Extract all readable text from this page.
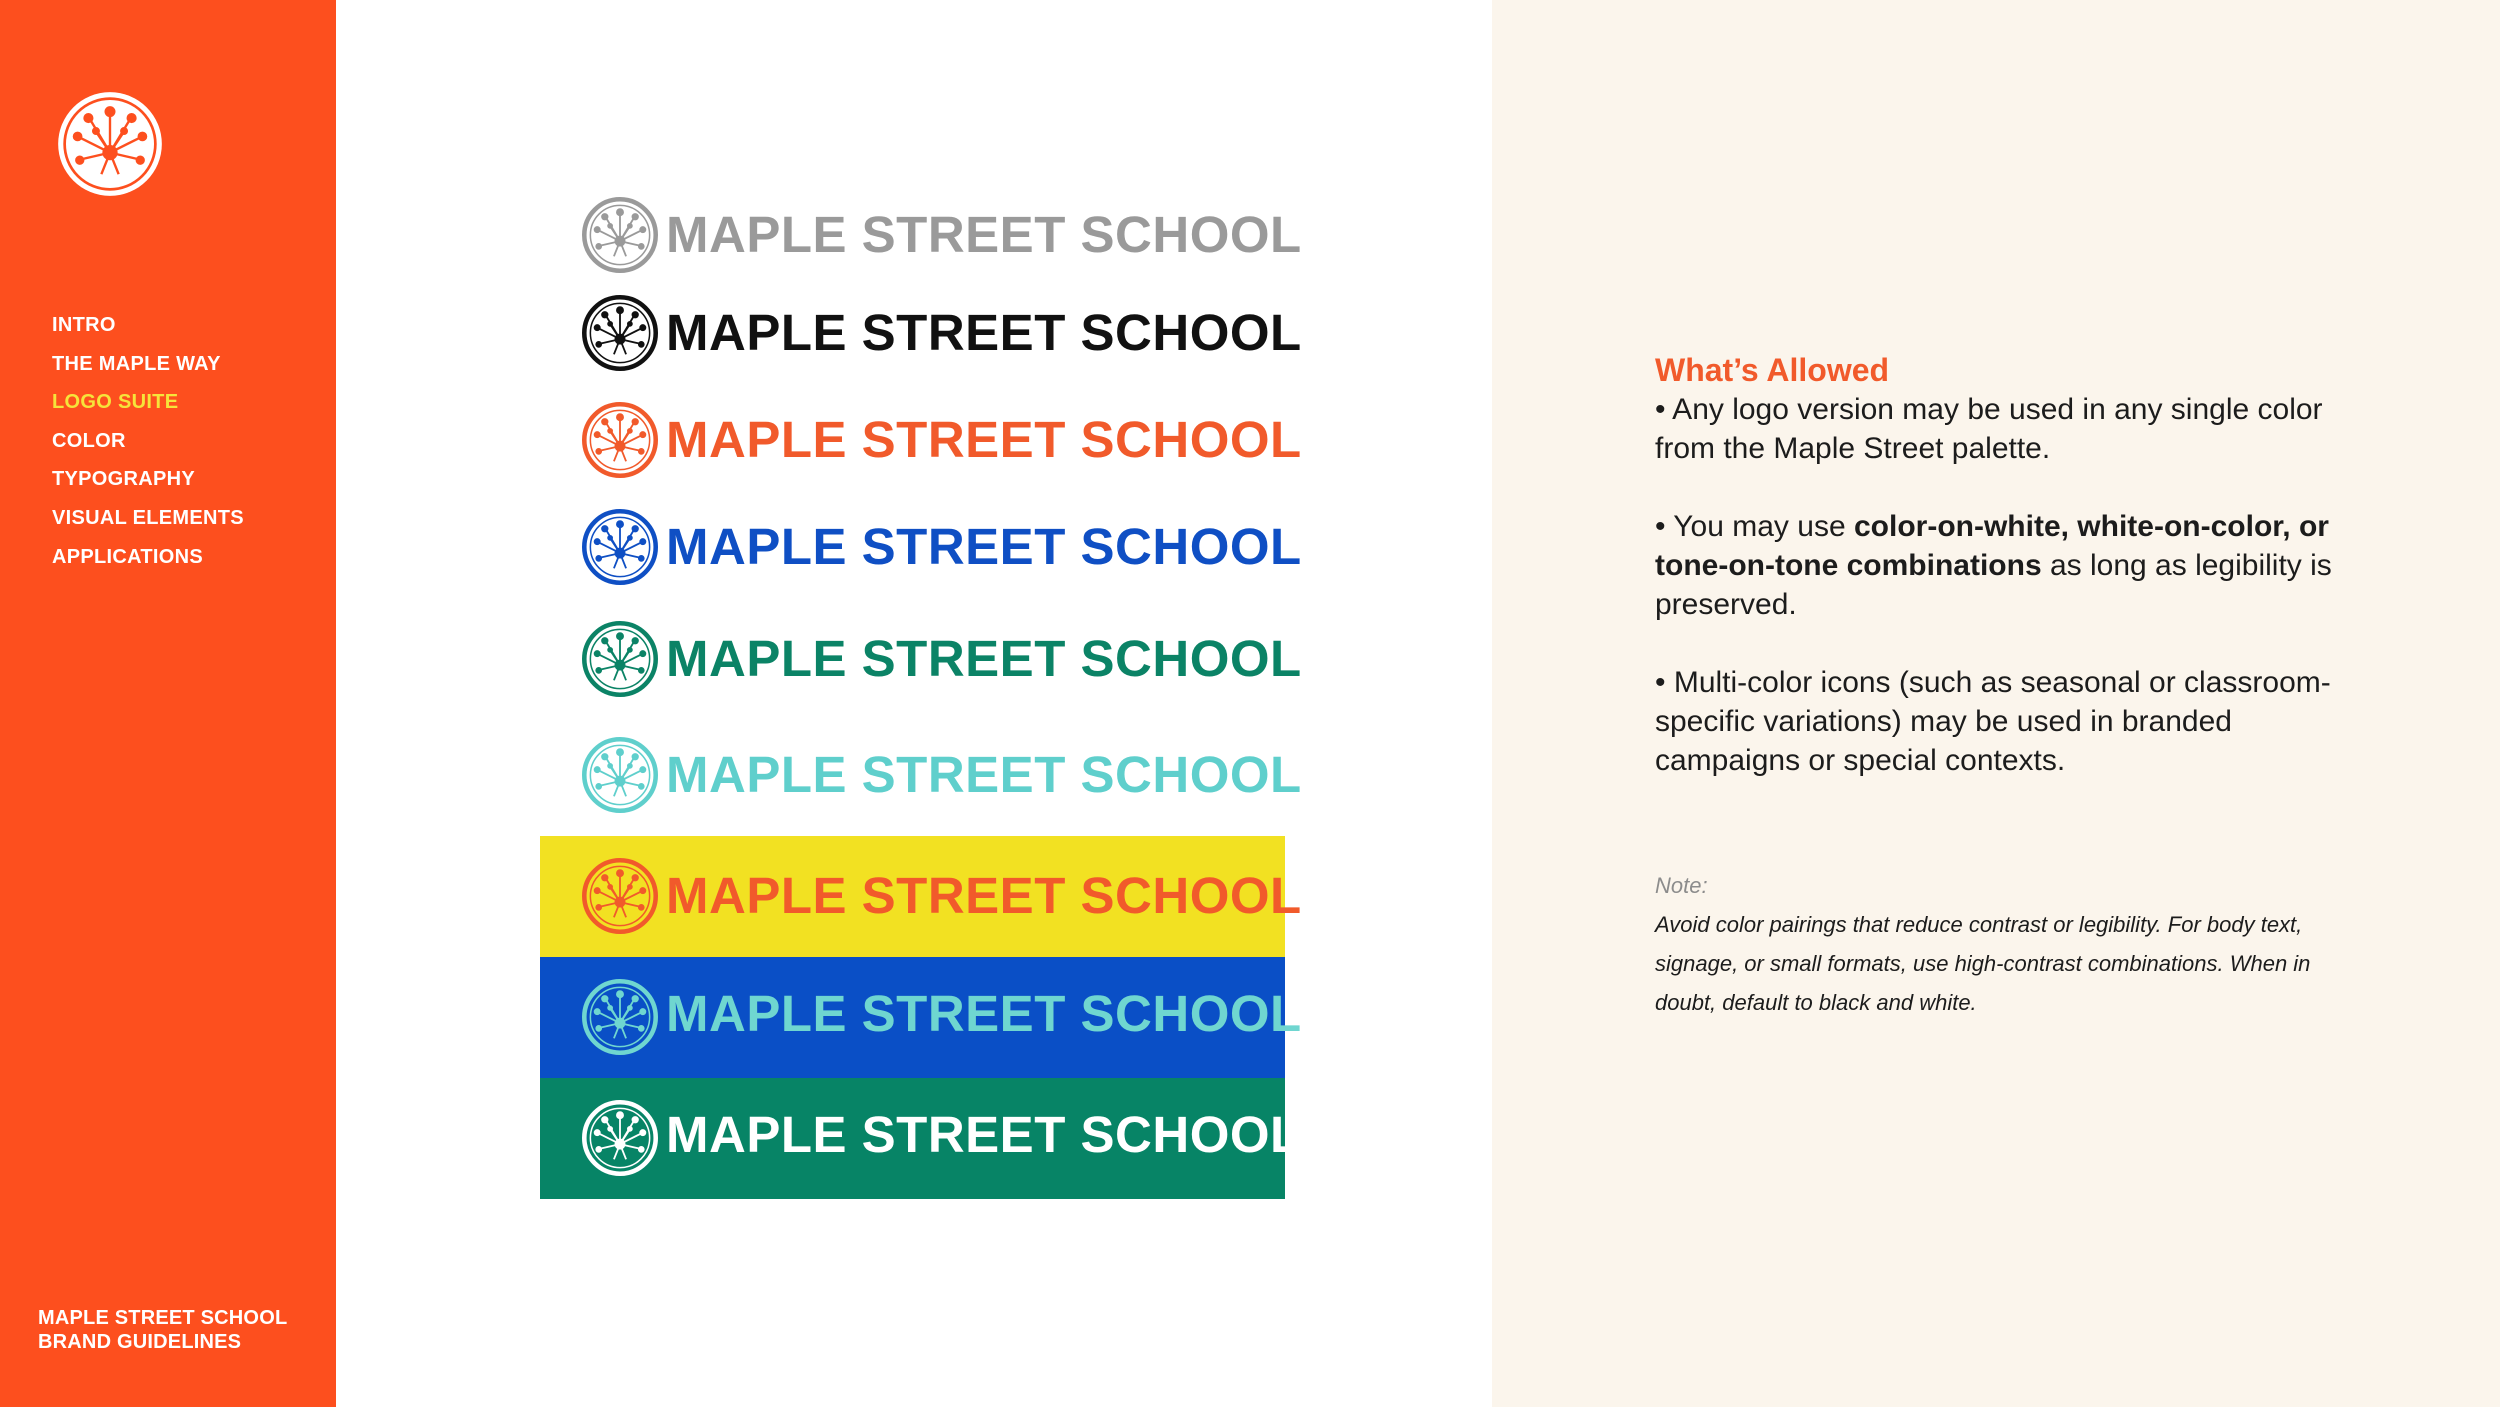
INTRO
THE MAPLE WAY
LOGO SUITE
COLOR
TYPOGRAPHY
VISUAL ELEMENTS
APPLICATIONS
MAPLE STREET SCHOOL
BRAND GUIDELINES
MAPLE STREET SCHOOL
MAPLE STREET SCHOOL
MAPLE STREET SCHOOL
MAPLE STREET SCHOOL
MAPLE STREET SCHOOL
MAPLE STREET SCHOOL
MAPLE STREET SCHOOL
MAPLE STREET SCHOOL
MAPLE STREET SCHOOL
What’s Allowed

• Any logo version may be used in any single color from the Maple Street palette.

• You may use color-on-white, white-on-color, or tone-on-tone combinations as long as legibility is preserved.

• Multi-color icons (such as seasonal or classroom-specific variations) may be used in branded campaigns or special contexts.

Note:
Avoid color pairings that reduce contrast or legibility. For body text, signage, or small formats, use high-contrast combinations. When in doubt, default to black and white.
